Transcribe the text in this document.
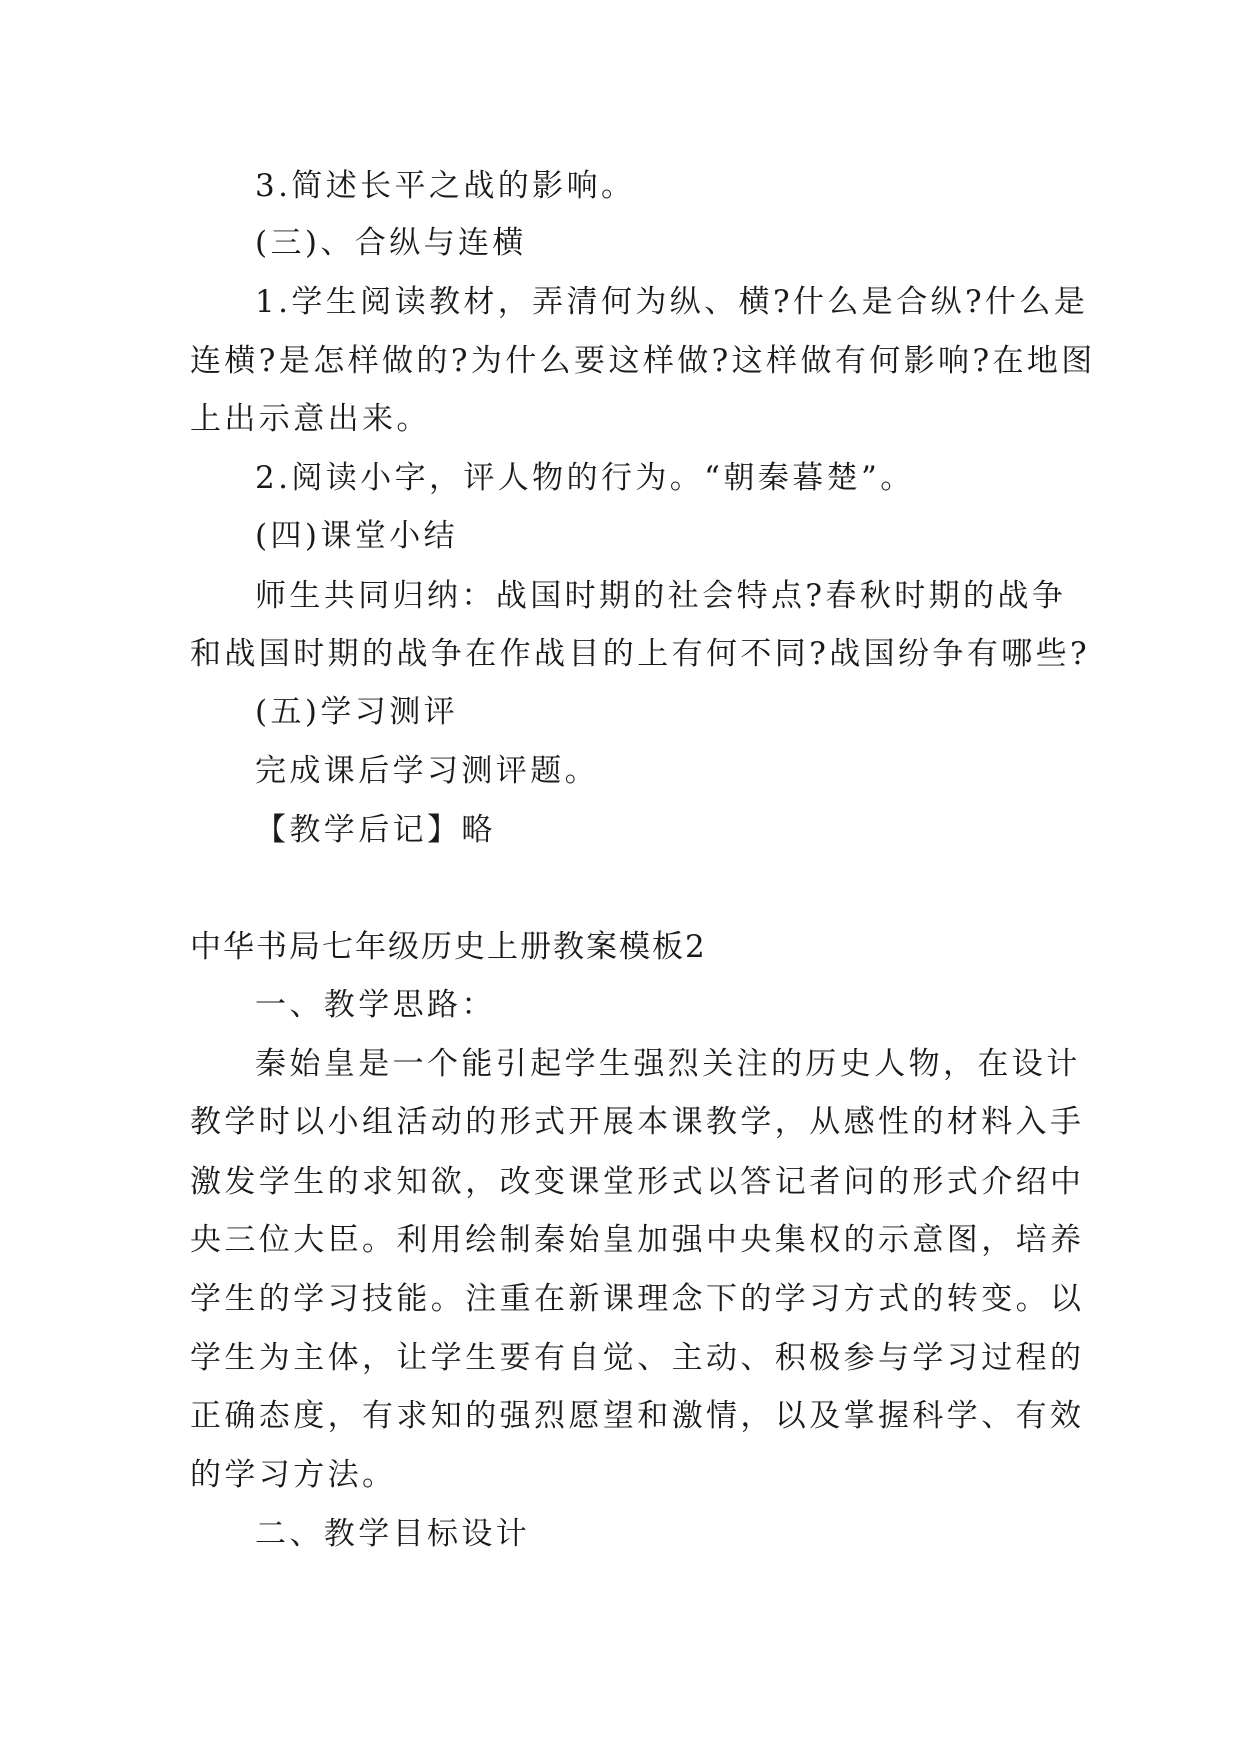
3.简述长平之战的影响。
(三)、合纵与连横
1.学生阅读教材，弄清何为纵、横?什么是合纵?什么是
连横?是怎样做的?为什么要这样做?这样做有何影响?在地图
上出示意出来。
2.阅读小字，评人物的行为。“朝秦暮楚”。
(四)课堂小结
师生共同归纳：战国时期的社会特点?春秋时期的战争
和战国时期的战争在作战目的上有何不同?战国纷争有哪些?
(五)学习测评
完成课后学习测评题。
【教学后记】略
中华书局七年级历史上册教案模板2
一、教学思路：
秦始皇是一个能引起学生强烈关注的历史人物，在设计
教学时以小组活动的形式开展本课教学，从感性的材料入手
激发学生的求知欲，改变课堂形式以答记者问的形式介绍中
央三位大臣。利用绘制秦始皇加强中央集权的示意图，培养
学生的学习技能。注重在新课理念下的学习方式的转变。以
学生为主体，让学生要有自觉、主动、积极参与学习过程的
正确态度，有求知的强烈愿望和激情，以及掌握科学、有效
的学习方法。
二、教学目标设计
